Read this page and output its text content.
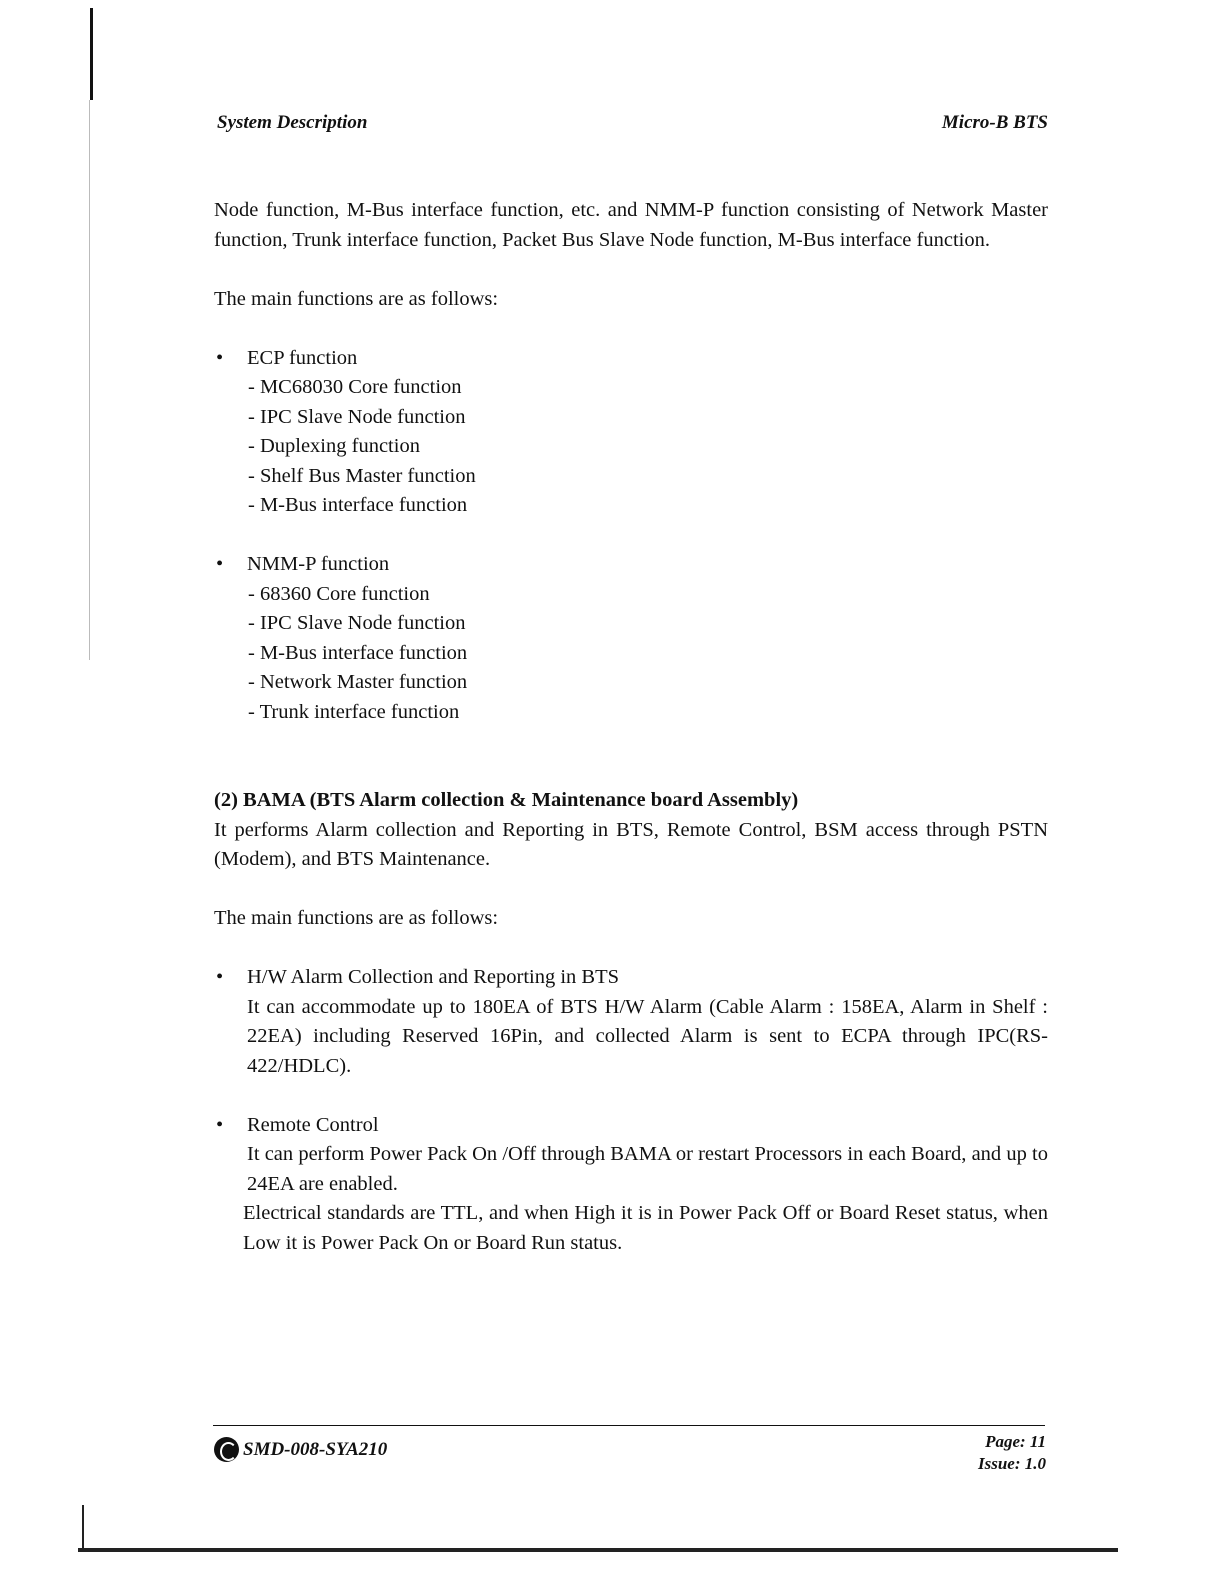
System Description	Micro-B BTS

Node function, M-Bus interface function, etc. and NMM-P function consisting of Network Master function, Trunk interface function, Packet Bus Slave Node function, M-Bus interface function.

The main functions are as follows:

• ECP function
- MC68030 Core function
- IPC Slave Node function
- Duplexing function
- Shelf Bus Master function
- M-Bus interface function
• NMM-P function
- 68360 Core function
- IPC Slave Node function
- M-Bus interface function
- Network Master function
- Trunk interface function

(2) BAMA (BTS Alarm collection & Maintenance board Assembly)

It performs Alarm collection and Reporting in BTS, Remote Control, BSM access through PSTN (Modem), and BTS Maintenance.

The main functions are as follows:

• H/W Alarm Collection and Reporting in BTS
It can accommodate up to 180EA of BTS H/W Alarm (Cable Alarm : 158EA, Alarm in Shelf : 22EA) including Reserved 16Pin, and collected Alarm is sent to ECPA through IPC(RS-422/HDLC).
• Remote Control
It can perform Power Pack On /Off through BAMA or restart Processors in each Board, and up to 24EA are enabled.
Electrical standards are TTL, and when High it is in Power Pack Off or Board Reset status, when Low it is Power Pack On or Board Run status.
SMD-008-SYA210	Page: 11
Issue: 1.0
